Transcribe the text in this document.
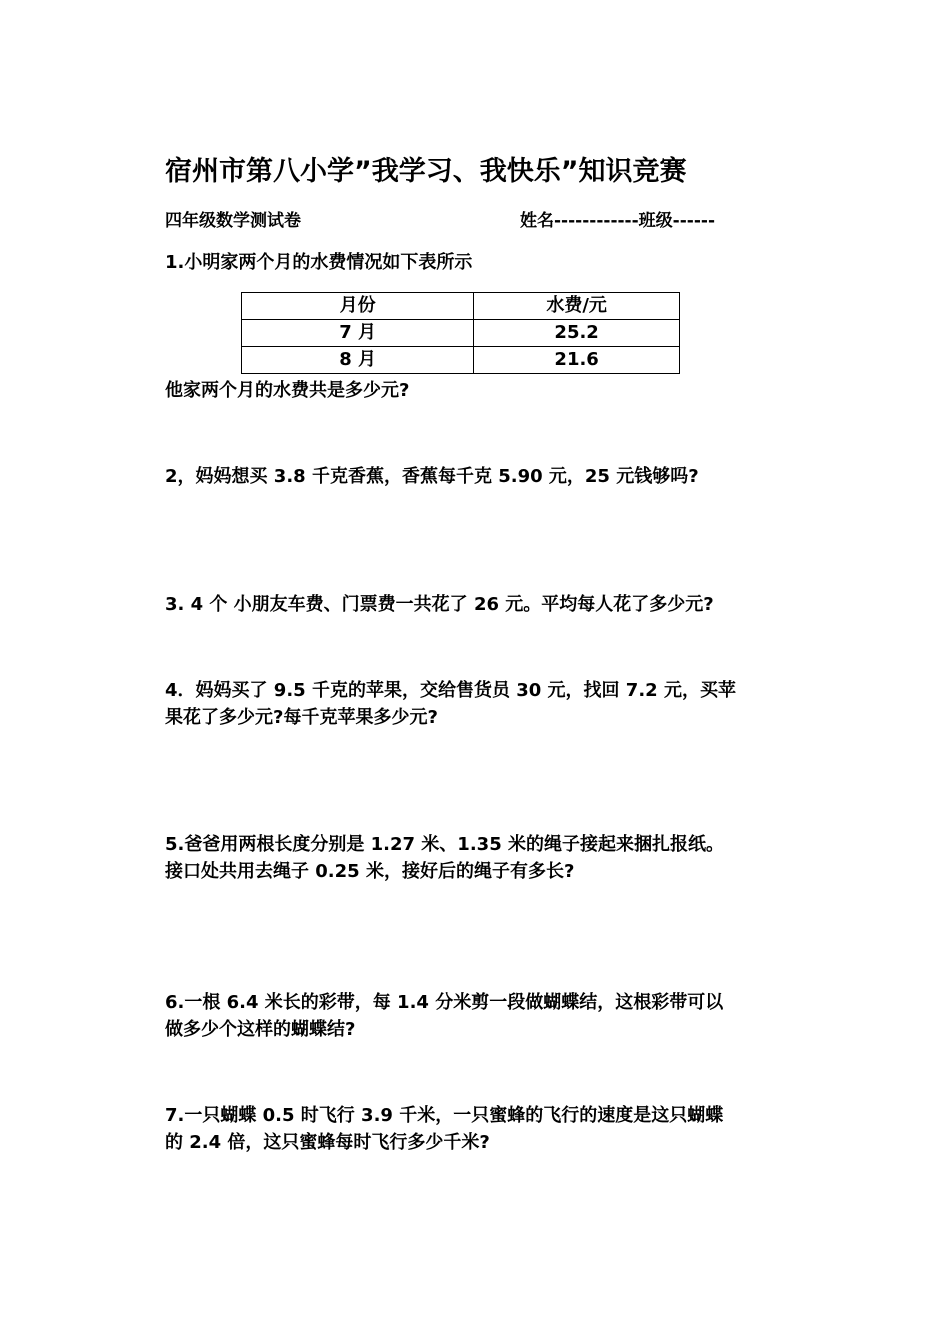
宿州市第八小学”我学习、我快乐”知识竞赛
四年级数学测试卷	姓名------------班级------
1.小明家两个月的水费情况如下表所示
月份	水费/元
7 月	25.2
8 月	21.6
他家两个月的水费共是多少元?
2，妈妈想买 3.8 千克香蕉，香蕉每千克 5.90 元，25 元钱够吗?
3. 4 个 小朋友车费、门票费一共花了 26 元。平均每人花了多少元?
4．妈妈买了 9.5 千克的苹果，交给售货员 30 元，找回 7.2 元，买苹
果花了多少元?每千克苹果多少元?
5.爸爸用两根长度分别是 1.27 米、1.35 米的绳子接起来捆扎报纸。
接口处共用去绳子 0.25 米，接好后的绳子有多长?
6.一根 6.4 米长的彩带，每 1.4 分米剪一段做蝴蝶结，这根彩带可以
做多少个这样的蝴蝶结?
7.一只蝴蝶 0.5 时飞行 3.9 千米，一只蜜蜂的飞行的速度是这只蝴蝶
的 2.4 倍，这只蜜蜂每时飞行多少千米?
